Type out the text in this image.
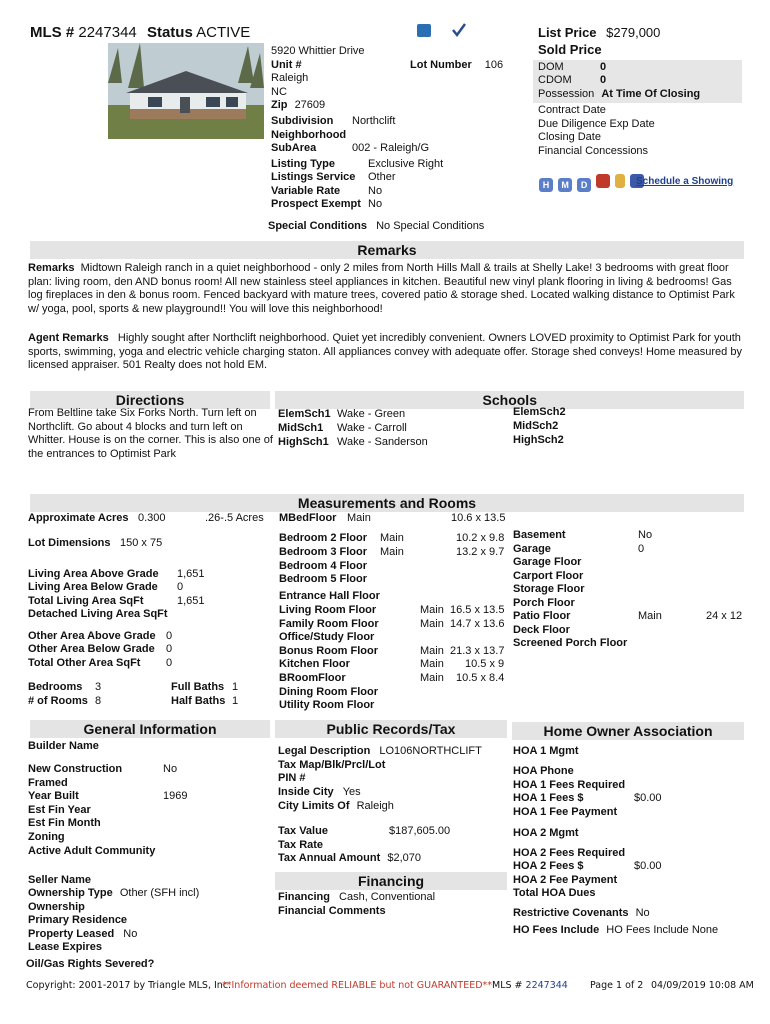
MLS # 2247344 Status ACTIVE	List Price $279,000
Sold Price
5920 Whittier Drive
Unit #	Lot Number 106
Raleigh
NC
Zip 27609
Subdivision Northclift
Neighborhood
SubArea	002 - Raleigh/G
Listing Type	Exclusive Right
Listings Service Other
Variable Rate	No
Prospect Exempt No
Special Conditions No Special Conditions
DOM	0
CDOM	0
Possession At Time Of Closing
Contract Date
Due Diligence Exp Date
Closing Date
Financial Concessions
H M D	Schedule a Showing
Remarks
Remarks Midtown Raleigh ranch in a quiet neighborhood - only 2 miles from North Hills Mall & trails at Shelly Lake! 3 bedrooms with great floor plan: living room, den AND bonus room! All new stainless steel appliances in kitchen. Beautiful new vinyl plank flooring in living & bedrooms! Gas log fireplaces in den & bonus room. Fenced backyard with mature trees, covered patio & storage shed. Located walking distance to Optimist Park w/ yoga, pool, sports & new playground!! You will love this neighborhood!
Agent Remarks Highly sought after Northclift neighborhood. Quiet yet incredibly convenient. Owners LOVED proximity to Optimist Park for youth sports, swimming, yoga and electric vehicle charging staton. All appliances convey with adequate offer. Storage shed conveys! Home measured by licensed appraiser. 501 Realty does not hold EM.
Directions	Schools
From Beltline take Six Forks North. Turn left on Northclift. Go about 4 blocks and turn left on Whitter. House is on the corner. This is also one of the entrances to Optimist Park
ElemSch1 Wake - Green
MidSch1 Wake - Carroll
HighSch1 Wake - Sanderson
ElemSch2
MidSch2
HighSch2
Measurements and Rooms
Approximate Acres 0.300	.26-.5 Acres
Lot Dimensions 150 x 75
Living Area Above Grade 1,651
Living Area Below Grade 0
Total Living Area SqFt	1,651
Detached Living Area SqFt
Other Area Above Grade 0
Other Area Below Grade 0
Total Other Area SqFt 0
Bedrooms 3	Full Baths 1
# of Rooms 8	Half Baths 1
MBedFloor Main	10.6 x 13.5
Bedroom 2 Floor Main	10.2 x 9.8
Bedroom 3 Floor Main	13.2 x 9.7
Bedroom 4 Floor
Bedroom 5 Floor
Entrance Hall Floor
Living Room Floor	Main 16.5 x 13.5
Family Room Floor	Main 14.7 x 13.6
Office/Study Floor
Bonus Room Floor	Main 21.3 x 13.7
Kitchen Floor	Main 10.5 x 9
BRoomFloor	Main 10.5 x 8.4
Dining Room Floor
Utility Room Floor
Basement	No
Garage	0
Garage Floor
Carport Floor
Storage Floor
Porch Floor
Patio Floor	Main	24 x 12
Deck Floor
Screened Porch Floor
General Information	Public Records/Tax	Home Owner Association
Builder Name
New Construction	No
Framed
Year Built	1969
Est Fin Year
Est Fin Month
Zoning
Active Adult Community
Seller Name
Ownership Type Other (SFH incl)
Ownership
Primary Residence
Property Leased No
Lease Expires
Oil/Gas Rights Severed?
Legal Description LO106NORTHCLIFT
Tax Map/Blk/Prcl/Lot
PIN #
Inside City Yes
City Limits Of Raleigh
Tax Value	$187,605.00
Tax Rate
Tax Annual Amount $2,070
Financing
Financing Cash, Conventional
Financial Comments
HOA 1 Mgmt
HOA Phone
HOA 1 Fees Required
HOA 1 Fees $	$0.00
HOA 1 Fee Payment
HOA 2 Mgmt
HOA 2 Fees Required
HOA 2 Fees $	$0.00
HOA 2 Fee Payment
Total HOA Dues
Restrictive Covenants No
HO Fees Include HO Fees Include None
Copyright: 2001-2017 by Triangle MLS, Inc.
**Information deemed RELIABLE but not GUARANTEED** MLS # 2247344 Page 1 of 2 04/09/2019 10:08 AM
